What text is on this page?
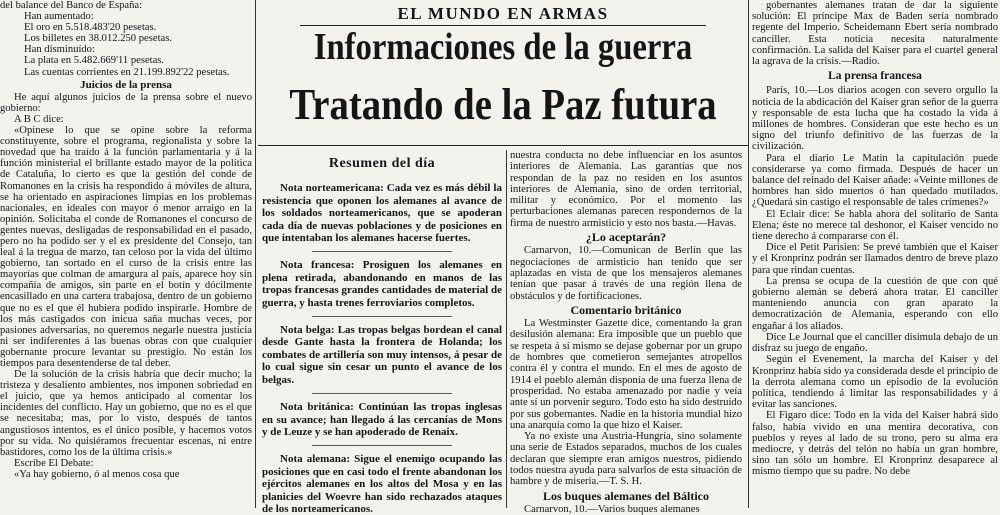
del balance del Banco de España:
Han aumentado:
El oro en 5.518.483'20 pesetas.
Los billetes en 38.012.250 pesetas.
Han disminuído:
La plata en 5.482.669'11 pesetas.
Las cuentas corrientes en 21.199.892'22 pesetas.
Juicios de la prensa

He aquí algunos juicios de la prensa sobre el nuevo gobierno:

A B C dice:

«Opinese lo que se opine sobre la reforma constituyente, sobre el programa, regionalista y sobre la novedad que ha traído á la función parlamentaria y á la función ministerial el brillante estado mayor de la política de Cataluña, lo cierto es que la gestión del conde de Romanones en la crisis ha respondido á móviles de altura, se ha orientado en aspiraciones limpias en los problemas nacionales, en ideales con mayor ó menor arraigo en la opinión. Solicitaba el conde de Romanones el concurso de gentes nuevas, desligadas de responsabilidad en el pasado, pero no ha podido ser y el ex presidente del Consejo, tan leal á la tregua de marzo, tan celoso por la vida del último gobierno, tan sortado en el curso de la crisis entre las mayorías que colman de amargura al país, aparece hoy sin compañía de amigos, sin parte en el botín y dócilmente encasillado en una cartera trabajosa, dentro de un gobierno que no es el que él hubiera podido inspirarle. Hombre de los más castigados con inicua saña muchas veces, por pasiones adversarias, no queremos negarle nuestra justicia ni ser indiferentes á las buenas obras con que cualquier gobernante procure levantar su prestigio. No están los tiempos para desentenderse de tal deber.

De la solución de la crisis habría que decir mucho; la tristeza y desaliento ambientes, nos imponen sobriedad en el juicio, que ya hemos anticipado al comentar los incidentes del conflicto. Hay un gobierno, que no es el que se necesitaba; mas, por lo visto, después de tantos angustiosos intentos, es el único posible, y hacemos votos por su vida. No quisiéramos frecuentar escenas, ni entre bastidores, como los de la última crisis.»

Escribe El Debate:

«Ya hay gobierno, ó al menos cosa que

EL MUNDO EN ARMAS
Informaciones de la guerra
Tratando de la Paz futura
Resumen del día

Nota norteamericana: Cada vez es más débil la resistencia que oponen los alemanes al avance de los soldados norteamericanos, que se apoderan cada día de nuevas poblaciones y de posiciones en que intentaban los alemanes hacerse fuertes.

Nota francesa: Prosiguen los alemanes en plena retirada, abandonando en manos de las tropas francesas grandes cantidades de material de guerra, y hasta trenes ferroviarios completos.

Nota belga: Las tropas belgas bordean el canal desde Gante hasta la frontera de Holanda; los combates de artillería son muy intensos, á pesar de lo cual sigue sin cesar un punto el avance de los belgas.

Nota británica: Continúan las tropas inglesas en su avance; han llegado á las cercanías de Mons y de Leuze y se han apoderado de Renaix.

Nota alemana: Sigue el enemigo ocupando las posiciones que en casi todo el frente abandonan los ejércitos alemanes en los altos del Mosa y en las planicies del Woevre han sido rechazados ataques de los norteamericanos.

nuestra conducta no debe influenciar en los asuntos interiores de Alemania. Las garantías que nos respondan de la paz no residen en los asuntos interiores de Alemania, sino de orden territorial, militar y económico. Por el momento las perturbaciones alemanas parecen respondernos de la firma de nuestro armisticio y esto nos basta.—Havas.

¿Lo aceptarán?

Carnarvon, 10.—Comunican de Berlín que las negociaciones de armisticio han tenido que ser aplazadas en vista de que los mensajeros alemanes tenían que pasar á través de una región llena de obstáculos y de fortificaciones.

Comentario británico

La Westminster Gazette dice, comentando la gran desilusión alemana: Era imposible que un pueblo que se respeta á sí mismo se dejase gobernar por un grupo de hombres que cometieron semejantes atropellos contra él y contra el mundo. En el mes de agosto de 1914 el pueblo alemán disponía de una fuerza llena de prosperidad. No estaba amenazado por nadie y veía ante sí un porvenir seguro. Todo esto ha sido destruído por sus gobernantes. Nadie en la historia mundial hizo una anarquía como la que hizo el Kaiser.

Ya no existe una Austria-Hungría, sino solamente una serie de Estados separados, muchos de los cuales declaran que siempre eran amigos nuestros, pidiendo todos nuestra ayuda para salvarlos de esta situación de hambre y de miseria.—T. S. H.

Los buques alemanes del Báltico

Carnarvon, 10.—Varios buques alemanes

gobernantes alemanes tratan de dar la siguiente solución: El príncipe Max de Baden sería nombrado regente del Imperio. Scheidemann Ebert sería nombrado canciller. Esta noticia necesita naturalmente confirmación. La salida del Kaiser para el cuartel general la agrava de la crisis.—Radio.

La prensa francesa

París, 10.—Los diarios acogen con severo orgullo la noticia de la abdicación del Kaiser gran señor de la guerra y responsable de esta lucha que ha costado la vida á millones de hombres. Consideran que este hecho es un signo del triunfo definitivo de las fuerzas de la civilización.

Para el diario Le Matin la capitulación puede considerarse ya como firmada. Después de hacer un balance del reinado del Kaiser añade: «Veinte millones de hombres han sido muertos ó han quedado mutilados. ¿Quedará sin castigo el responsable de tales crímenes?»

El Eclair dice: Se habla ahora del solitario de Santa Elena; éste no merece tal deshonor, el Kaiser vencido no tiene derecho á compararse con él.

Dice el Petit Parisien: Se prevé también que el Kaiser y el Kronprinz podrán ser llamados dentro de breve plazo para que rindan cuentas.

La prensa se ocupa de la cuestión de que con qué gobierno alemán se deberá ahora tratar. El canciller manteniendo anuncia con gran aparato la democratización de Alemania, esperando con ello engañar á los aliados.

Dice Le Journal que el canciller disimula debajo de un disfraz su juego de engaño.

Según el Evenement, la marcha del Kaiser y del Kronprinz había sido ya considerada desde el principio de la derrota alemana como un episodio de la evolución política, tendiendo á limitar las responsabilidades y á evitar las sanciones.

El Figaro dice: Todo en la vida del Kaiser habrá sido falso, había vivido en una mentira decorativa, con pueblos y reyes al lado de su trono, pero su alma era mediocre, y detrás del telón no había un gran hombre, sino tan sólo un hombre. El Kronprinz desaparece al mismo tiempo que su padre. No debe
